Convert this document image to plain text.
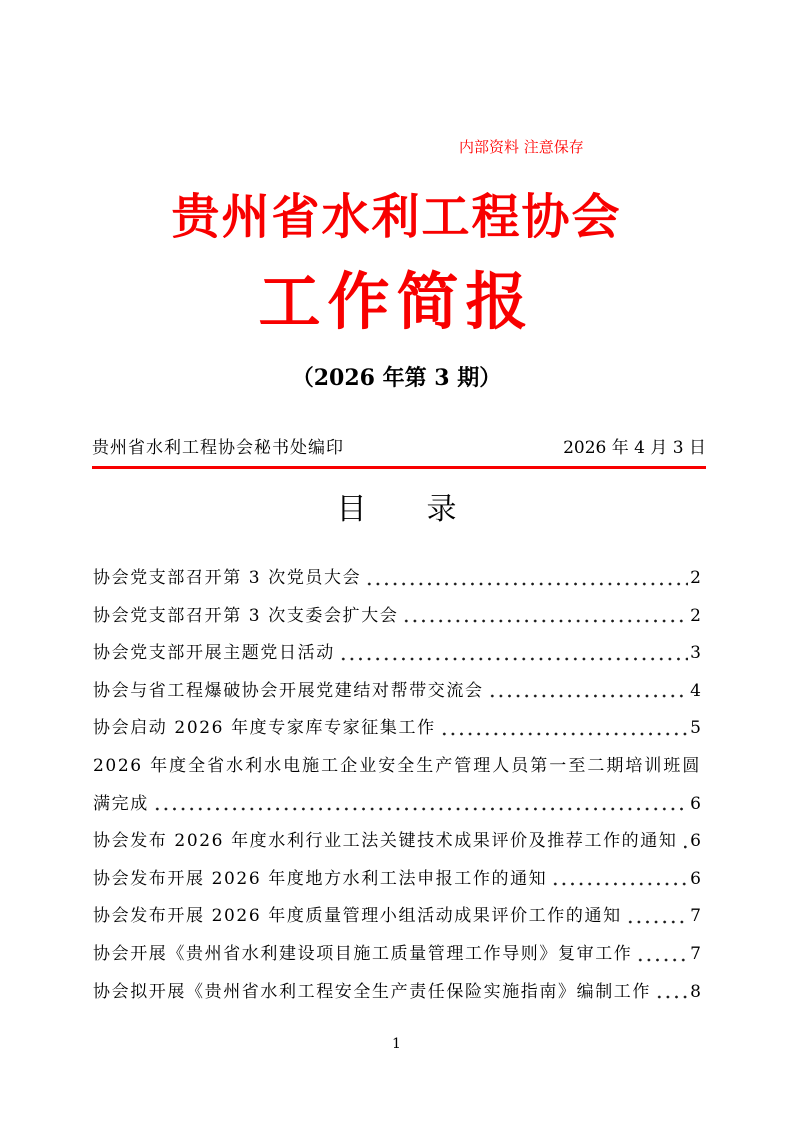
内部资料 注意保存
贵州省水利工程协会
工作简报
（2026 年第 3 期）
贵州省水利工程协会秘书处编印	2026 年 4 月 3 日
目　　录
协会党支部召开第 3 次党员大会	2
协会党支部召开第 3 次支委会扩大会	2
协会党支部开展主题党日活动	3
协会与省工程爆破协会开展党建结对帮带交流会	4
协会启动 2026 年度专家库专家征集工作	5
2026 年度全省水利水电施工企业安全生产管理人员第一至二期培训班圆
满完成	6
协会发布 2026 年度水利行业工法关键技术成果评价及推荐工作的通知 6
协会发布开展 2026 年度地方水利工法申报工作的通知	6
协会发布开展 2026 年度质量管理小组活动成果评价工作的通知	7
协会开展《贵州省水利建设项目施工质量管理工作导则》复审工作	7
协会拟开展《贵州省水利工程安全生产责任保险实施指南》编制工作 8
1
